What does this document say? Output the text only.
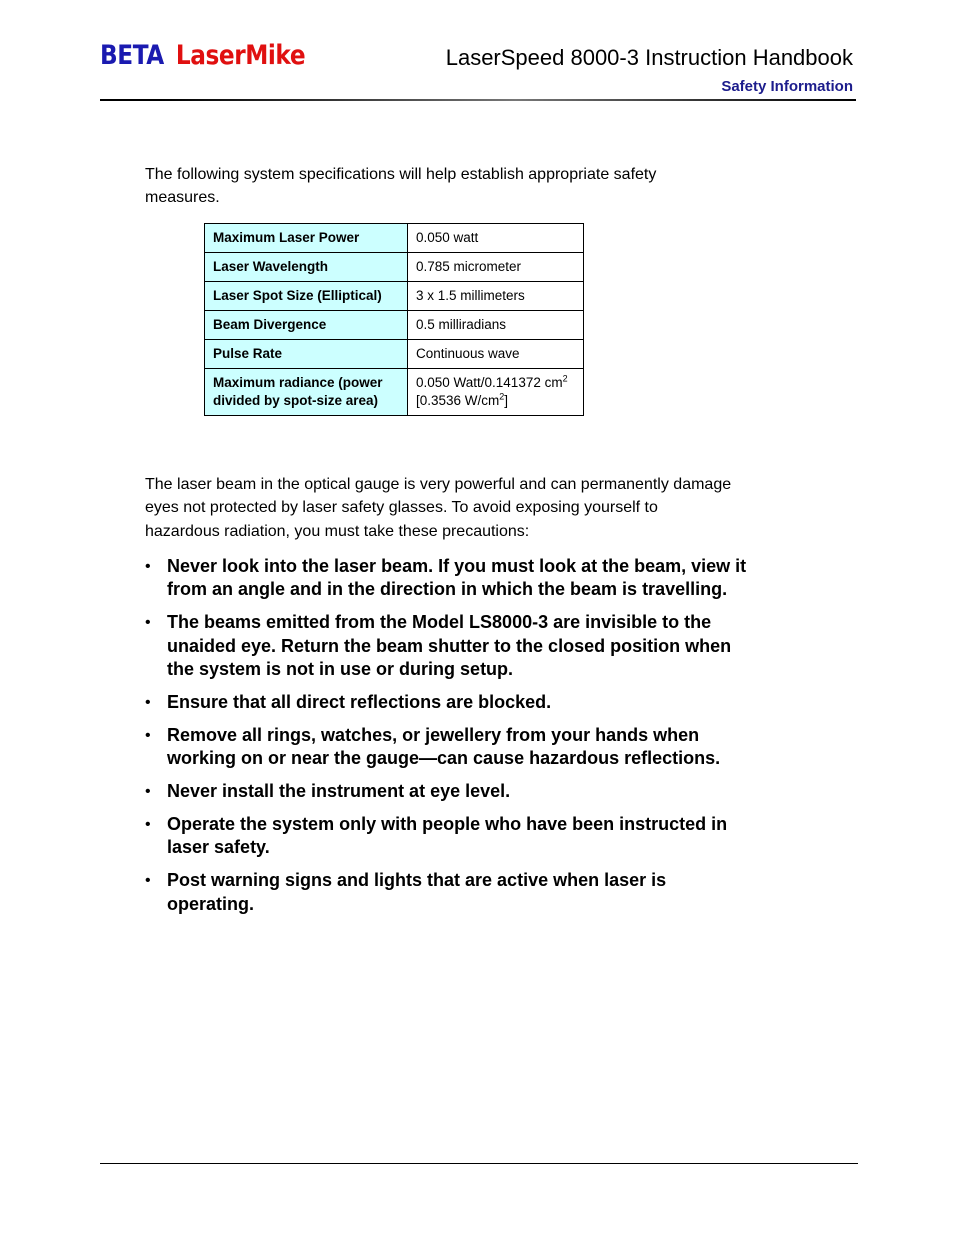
BETA LaserMike	LaserSpeed 8000-3 Instruction Handbook
Safety Information

The following system specifications will help establish appropriate safety measures.

Maximum Laser Power	0.050 watt
Laser Wavelength	0.785 micrometer
Laser Spot Size (Elliptical)	3 x 1.5 millimeters
Beam Divergence	0.5 milliradians
Pulse Rate	Continuous wave
Maximum radiance (power divided by spot-size area)	0.050 Watt/0.141372 $cm^2$
[0.3536 $W/cm^2$]

The laser beam in the optical gauge is very powerful and can permanently damage eyes not protected by laser safety glasses. To avoid exposing yourself to hazardous radiation, you must take these precautions:

• Never look into the laser beam. If you must look at the beam, view it from an angle and in the direction in which the beam is travelling.
• The beams emitted from the Model LS8000-3 are invisible to the unaided eye. Return the beam shutter to the closed position when the system is not in use or during setup.
• Ensure that all direct reflections are blocked.
• Remove all rings, watches, or jewellery from your hands when working on or near the gauge—can cause hazardous reflections.
• Never install the instrument at eye level.
• Operate the system only with people who have been instructed in laser safety.
• Post warning signs and lights that are active when laser is operating.
